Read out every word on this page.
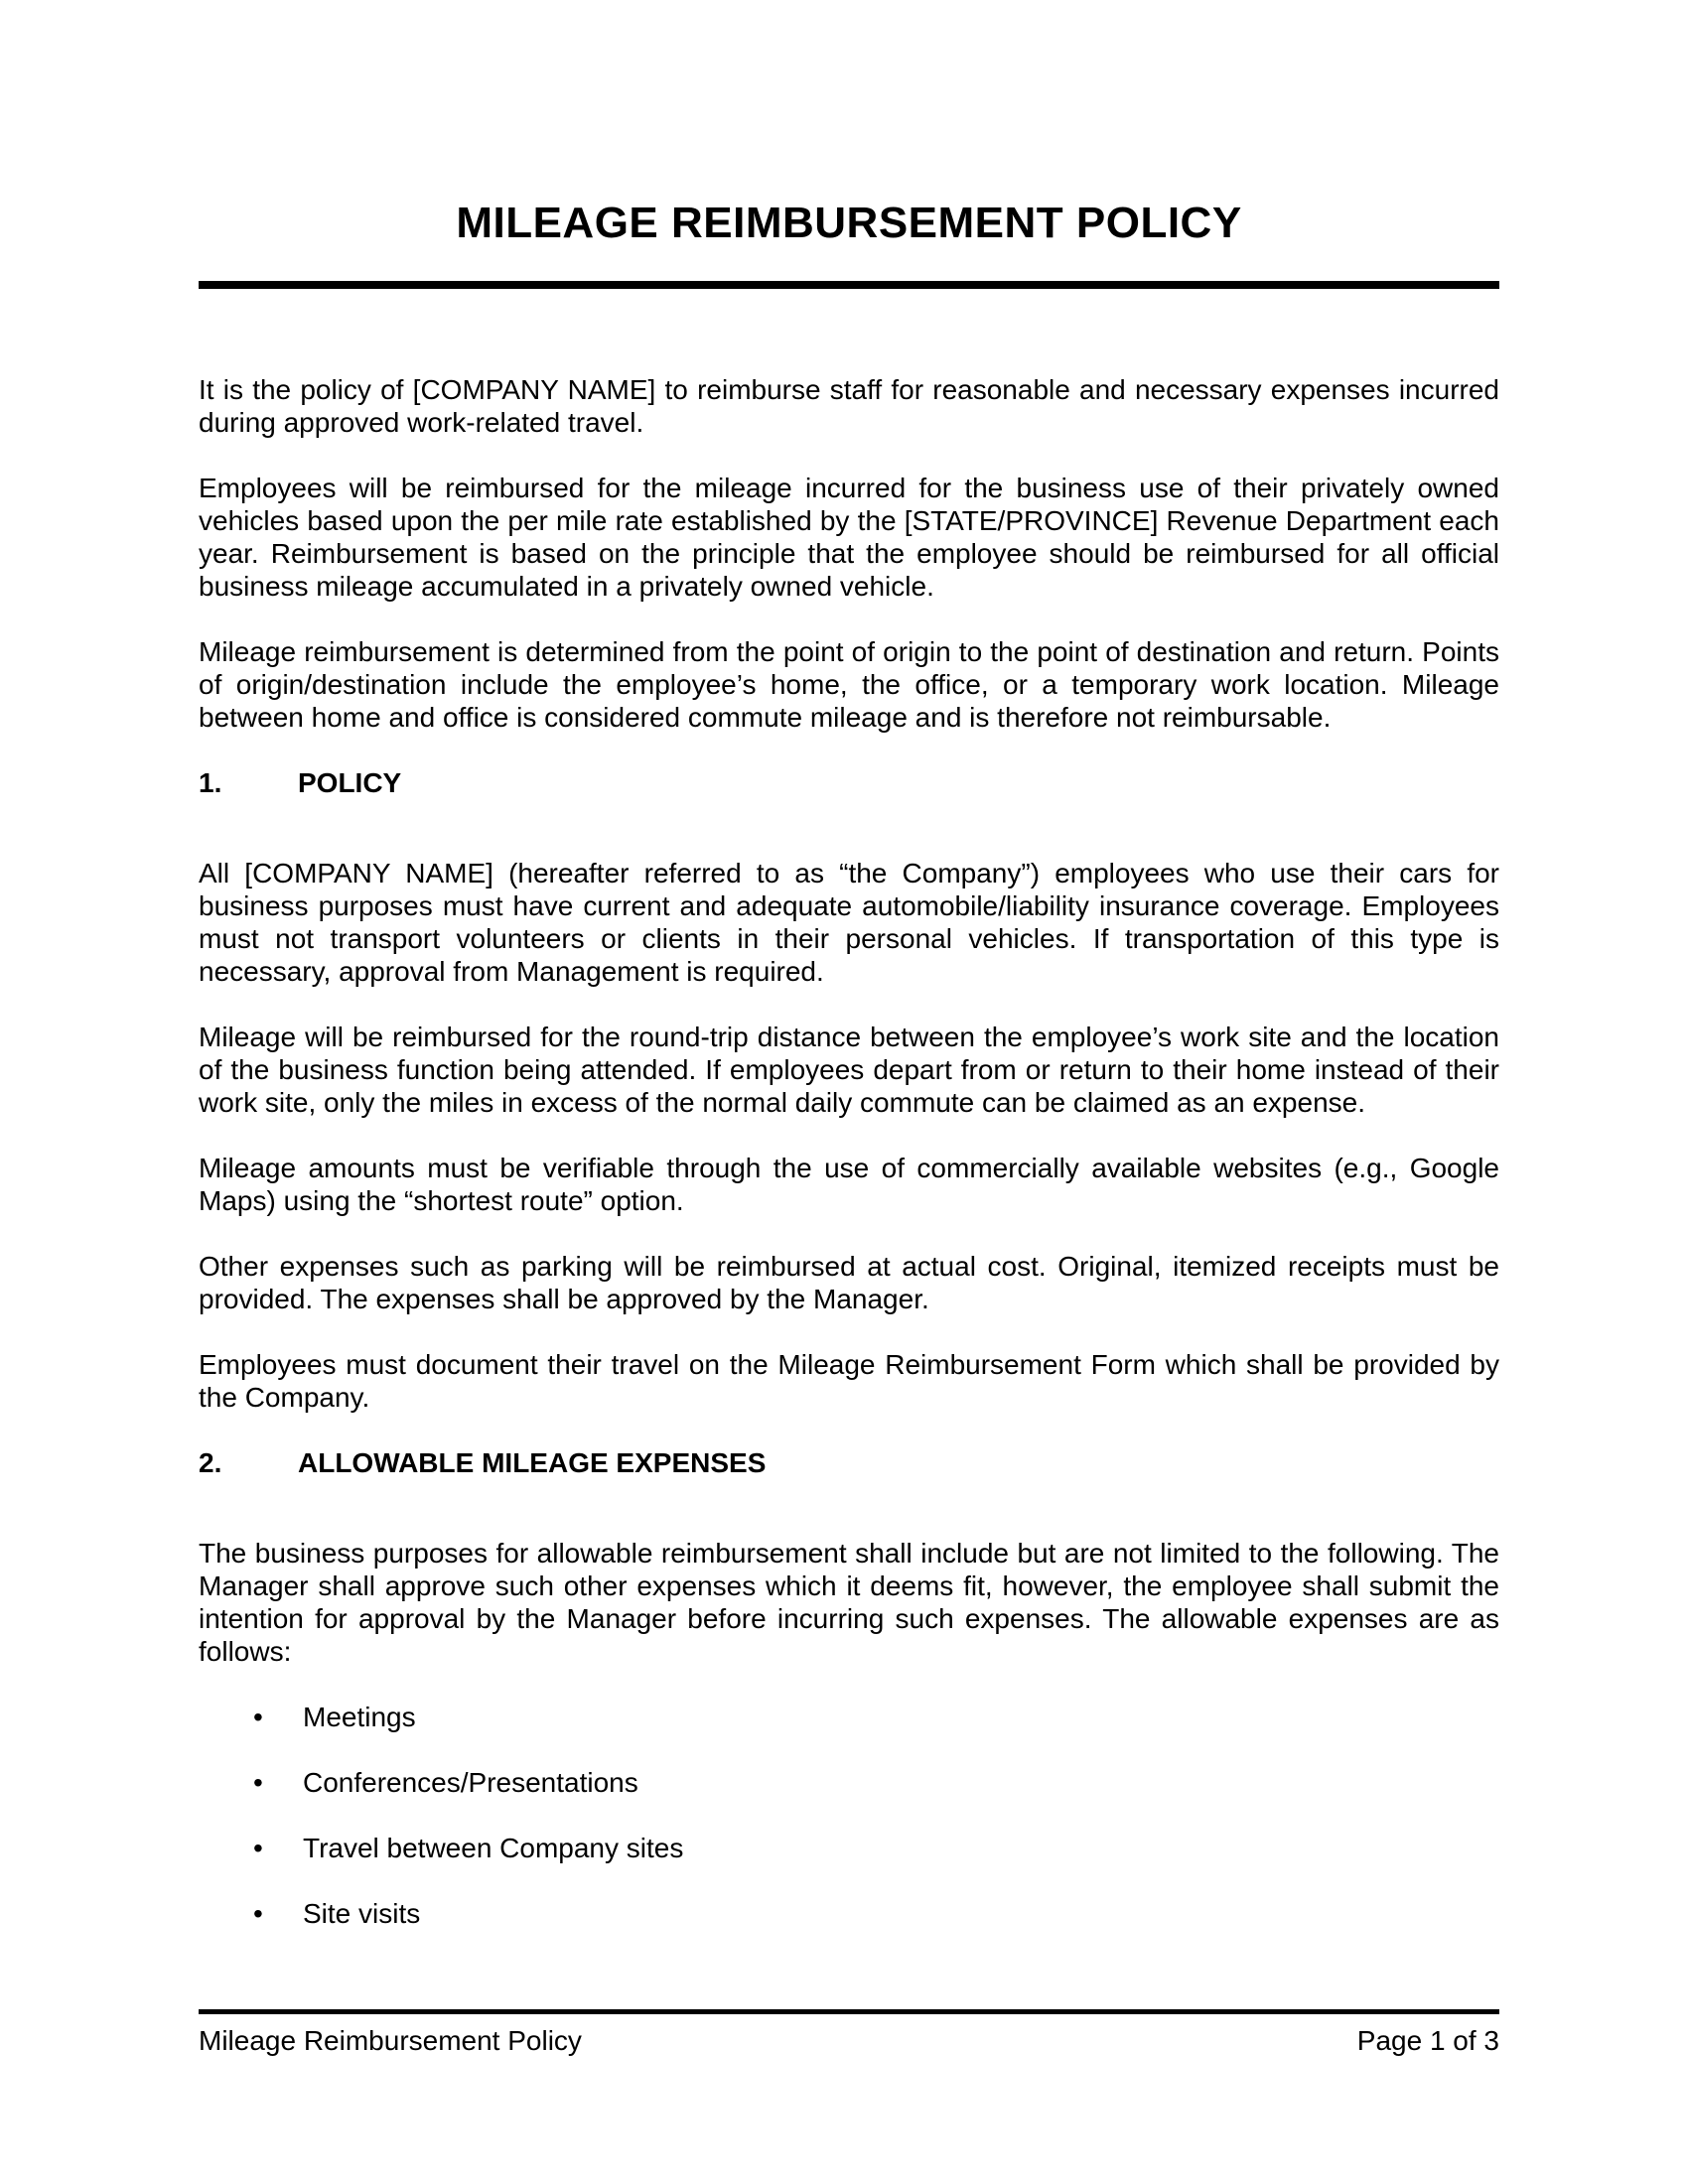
MILEAGE REIMBURSEMENT POLICY

It is the policy of [COMPANY NAME] to reimburse staff for reasonable and necessary expenses incurred during approved work-related travel.

Employees will be reimbursed for the mileage incurred for the business use of their privately owned vehicles based upon the per mile rate established by the [STATE/PROVINCE] Revenue Department each year. Reimbursement is based on the principle that the employee should be reimbursed for all official business mileage accumulated in a privately owned vehicle.

Mileage reimbursement is determined from the point of origin to the point of destination and return. Points of origin/destination include the employee’s home, the office, or a temporary work location. Mileage between home and office is considered commute mileage and is therefore not reimbursable.

1.	POLICY

All [COMPANY NAME] (hereafter referred to as “the Company”) employees who use their cars for business purposes must have current and adequate automobile/liability insurance coverage. Employees must not transport volunteers or clients in their personal vehicles. If transportation of this type is necessary, approval from Management is required.

Mileage will be reimbursed for the round-trip distance between the employee’s work site and the location of the business function being attended. If employees depart from or return to their home instead of their work site, only the miles in excess of the normal daily commute can be claimed as an expense.

Mileage amounts must be verifiable through the use of commercially available websites (e.g., Google Maps) using the “shortest route” option.

Other expenses such as parking will be reimbursed at actual cost. Original, itemized receipts must be provided. The expenses shall be approved by the Manager.

Employees must document their travel on the Mileage Reimbursement Form which shall be provided by the Company.

2.	ALLOWABLE MILEAGE EXPENSES

The business purposes for allowable reimbursement shall include but are not limited to the following. The Manager shall approve such other expenses which it deems fit, however, the employee shall submit the intention for approval by the Manager before incurring such expenses. The allowable expenses are as follows:

•
Meetings
•
Conferences/Presentations
•
Travel between Company sites
•
Site visits
Mileage Reimbursement Policy	Page 1 of 3
